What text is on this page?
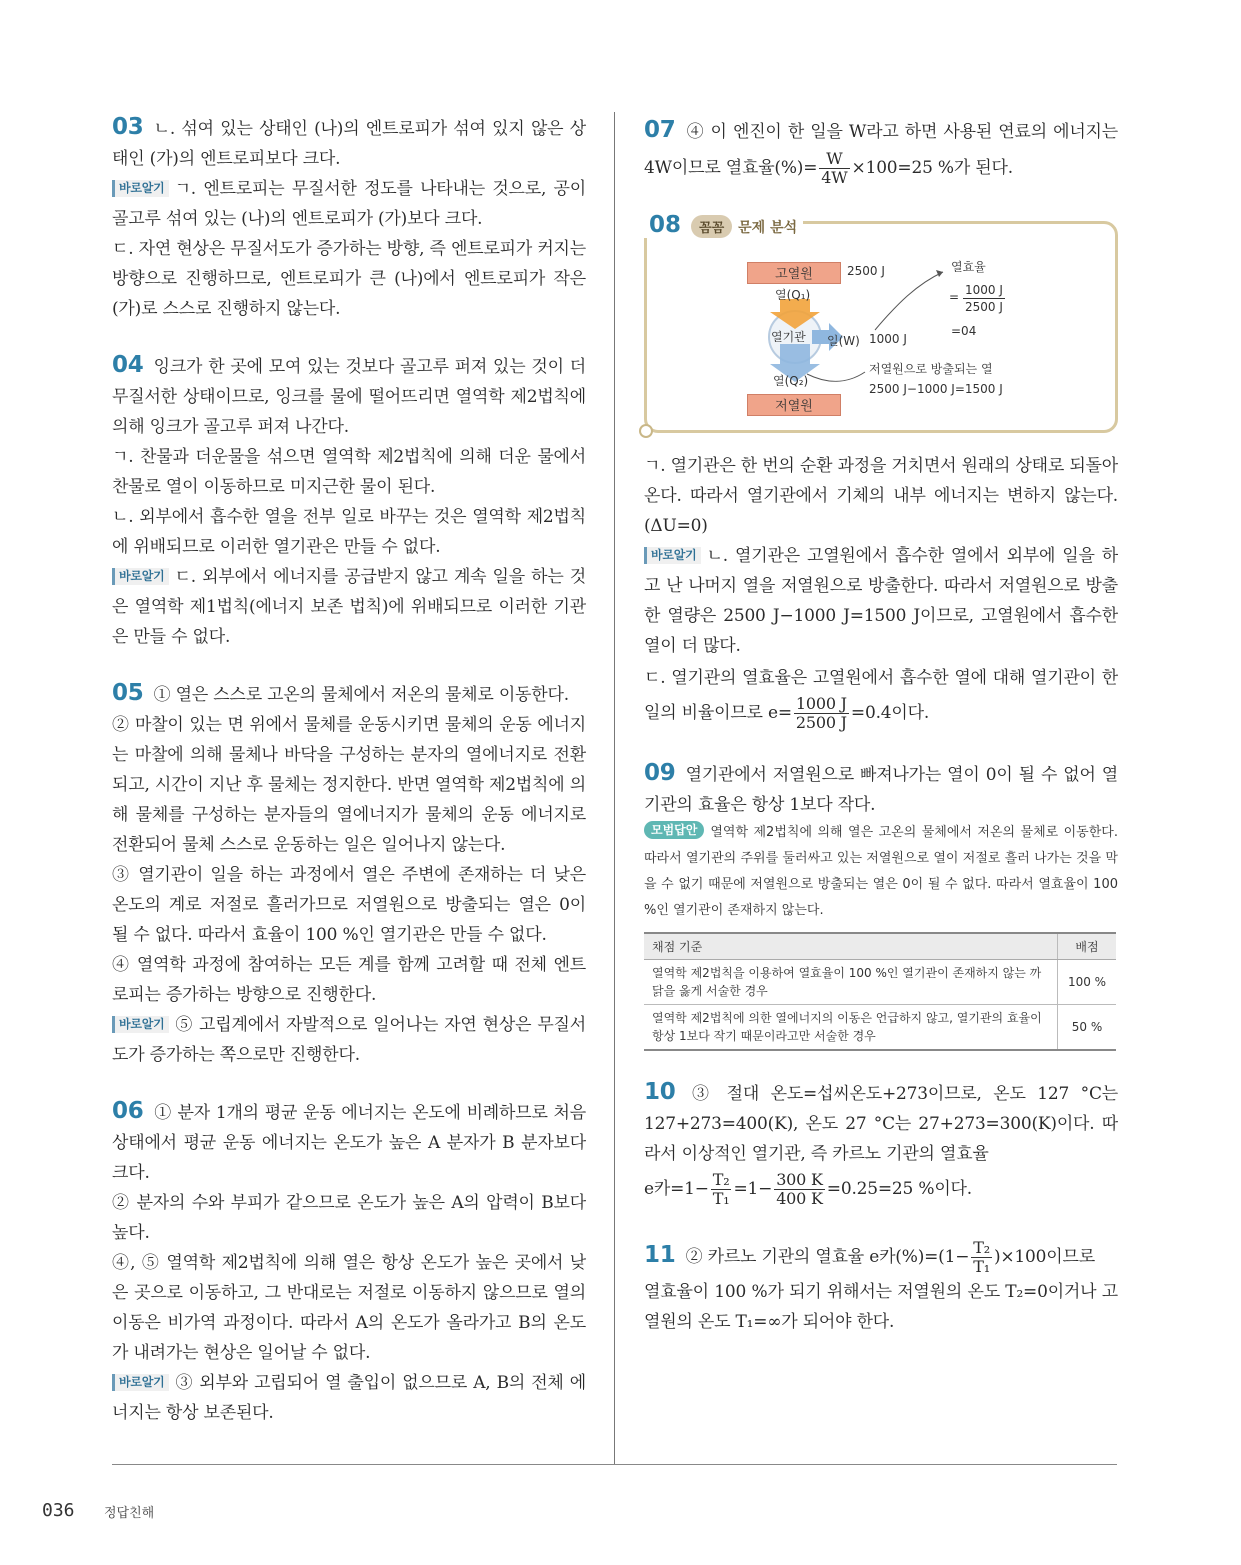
03 ㄴ. 섞여 있는 상태인 (나)의 엔트로피가 섞여 있지 않은 상태인 (가)의 엔트로피보다 크다.

바로알기 ㄱ. 엔트로피는 무질서한 정도를 나타내는 것으로, 공이 골고루 섞여 있는 (나)의 엔트로피가 (가)보다 크다.

ㄷ. 자연 현상은 무질서도가 증가하는 방향, 즉 엔트로피가 커지는 방향으로 진행하므로, 엔트로피가 큰 (나)에서 엔트로피가 작은 (가)로 스스로 진행하지 않는다.

04 잉크가 한 곳에 모여 있는 것보다 골고루 퍼져 있는 것이 더 무질서한 상태이므로, 잉크를 물에 떨어뜨리면 열역학 제2법칙에 의해 잉크가 골고루 퍼져 나간다.

ㄱ. 찬물과 더운물을 섞으면 열역학 제2법칙에 의해 더운 물에서 찬물로 열이 이동하므로 미지근한 물이 된다.

ㄴ. 외부에서 흡수한 열을 전부 일로 바꾸는 것은 열역학 제2법칙에 위배되므로 이러한 열기관은 만들 수 없다.

바로알기 ㄷ. 외부에서 에너지를 공급받지 않고 계속 일을 하는 것은 열역학 제1법칙(에너지 보존 법칙)에 위배되므로 이러한 기관은 만들 수 없다.

05 ① 열은 스스로 고온의 물체에서 저온의 물체로 이동한다.

② 마찰이 있는 면 위에서 물체를 운동시키면 물체의 운동 에너지는 마찰에 의해 물체나 바닥을 구성하는 분자의 열에너지로 전환되고, 시간이 지난 후 물체는 정지한다. 반면 열역학 제2법칙에 의해 물체를 구성하는 분자들의 열에너지가 물체의 운동 에너지로 전환되어 물체 스스로 운동하는 일은 일어나지 않는다.

③ 열기관이 일을 하는 과정에서 열은 주변에 존재하는 더 낮은 온도의 계로 저절로 흘러가므로 저열원으로 방출되는 열은 0이 될 수 없다. 따라서 효율이 100 %인 열기관은 만들 수 없다.

④ 열역학 과정에 참여하는 모든 계를 함께 고려할 때 전체 엔트로피는 증가하는 방향으로 진행한다.

바로알기 ⑤ 고립계에서 자발적으로 일어나는 자연 현상은 무질서도가 증가하는 쪽으로만 진행한다.

06 ① 분자 1개의 평균 운동 에너지는 온도에 비례하므로 처음 상태에서 평균 운동 에너지는 온도가 높은 A 분자가 B 분자보다 크다.

② 분자의 수와 부피가 같으므로 온도가 높은 A의 압력이 B보다 높다.

④, ⑤ 열역학 제2법칙에 의해 열은 항상 온도가 높은 곳에서 낮은 곳으로 이동하고, 그 반대로는 저절로 이동하지 않으므로 열의 이동은 비가역 과정이다. 따라서 A의 온도가 올라가고 B의 온도가 내려가는 현상은 일어날 수 없다.

바로알기 ③ 외부와 고립되어 열 출입이 없으므로 A, B의 전체 에너지는 항상 보존된다.

07 ④ 이 엔진이 한 일을 W라고 하면 사용된 연료의 에너지는 4W이므로 열효율(%)= $\frac{W}{4W} \times 100=25$ %가 된다.

08 꼼꼼 문제 분석
고열원	2500 J
열(Q₁)
열기관 일(W) 1000 J
열(Q₂)
저열원
열효율
= $\frac{1000 J}{2500 J}$
=04
저열원으로 방출되는 열
2500 J−1000 J=1500 J

ㄱ. 열기관은 한 번의 순환 과정을 거치면서 원래의 상태로 되돌아온다. 따라서 열기관에서 기체의 내부 에너지는 변하지 않는다.(ΔU=0)

바로알기 ㄴ. 열기관은 고열원에서 흡수한 열에서 외부에 일을 하고 난 나머지 열을 저열원으로 방출한다. 따라서 저열원으로 방출한 열량은 2500 J−1000 J=1500 J이므로, 고열원에서 흡수한 열이 더 많다.

ㄷ. 열기관의 열효율은 고열원에서 흡수한 열에 대해 열기관이 한 일의 비율이므로 $e= \frac{1000 J}{2500 J} =0.4$이다.

09 열기관에서 저열원으로 빠져나가는 열이 0이 될 수 없어 열기관의 효율은 항상 1보다 작다.

모범답안 열역학 제2법칙에 의해 열은 고온의 물체에서 저온의 물체로 이동한다. 따라서 열기관의 주위를 둘러싸고 있는 저열원으로 열이 저절로 흘러 나가는 것을 막을 수 없기 때문에 저열원으로 방출되는 열은 0이 될 수 없다. 따라서 열효율이 100 %인 열기관이 존재하지 않는다.

채점 기준	배점
열역학 제2법칙을 이용하여 열효율이 100 %인 열기관이 존재하지 않는 까닭을 옳게 서술한 경우	100 %
열역학 제2법칙에 의한 열에너지의 이동은 언급하지 않고, 열기관의 효율이 항상 1보다 작기 때문이라고만 서술한 경우	50 %

10 ③ 절대 온도=섭씨온도+273이므로, 온도 127 °C는 127+273=400(K), 온도 27 °C는 27+273=300(K)이다. 따라서 이상적인 열기관, 즉 카르노 기관의 열효율

e카$=1- \frac{\text{T₂}}{\text{T₁}} =1- \frac{300 K}{400 K} =0.25=25$ %이다.

11 ② 카르노 기관의 열효율 e카$(\%)=(1- \frac{\text{T₂}}{\text{T₁}} )\times 100$이므로

열효율이 100 %가 되기 위해서는 저열원의 온도 T₂=0이거나 고열원의 온도 T₁=∞가 되어야 한다.

036 정답친해
